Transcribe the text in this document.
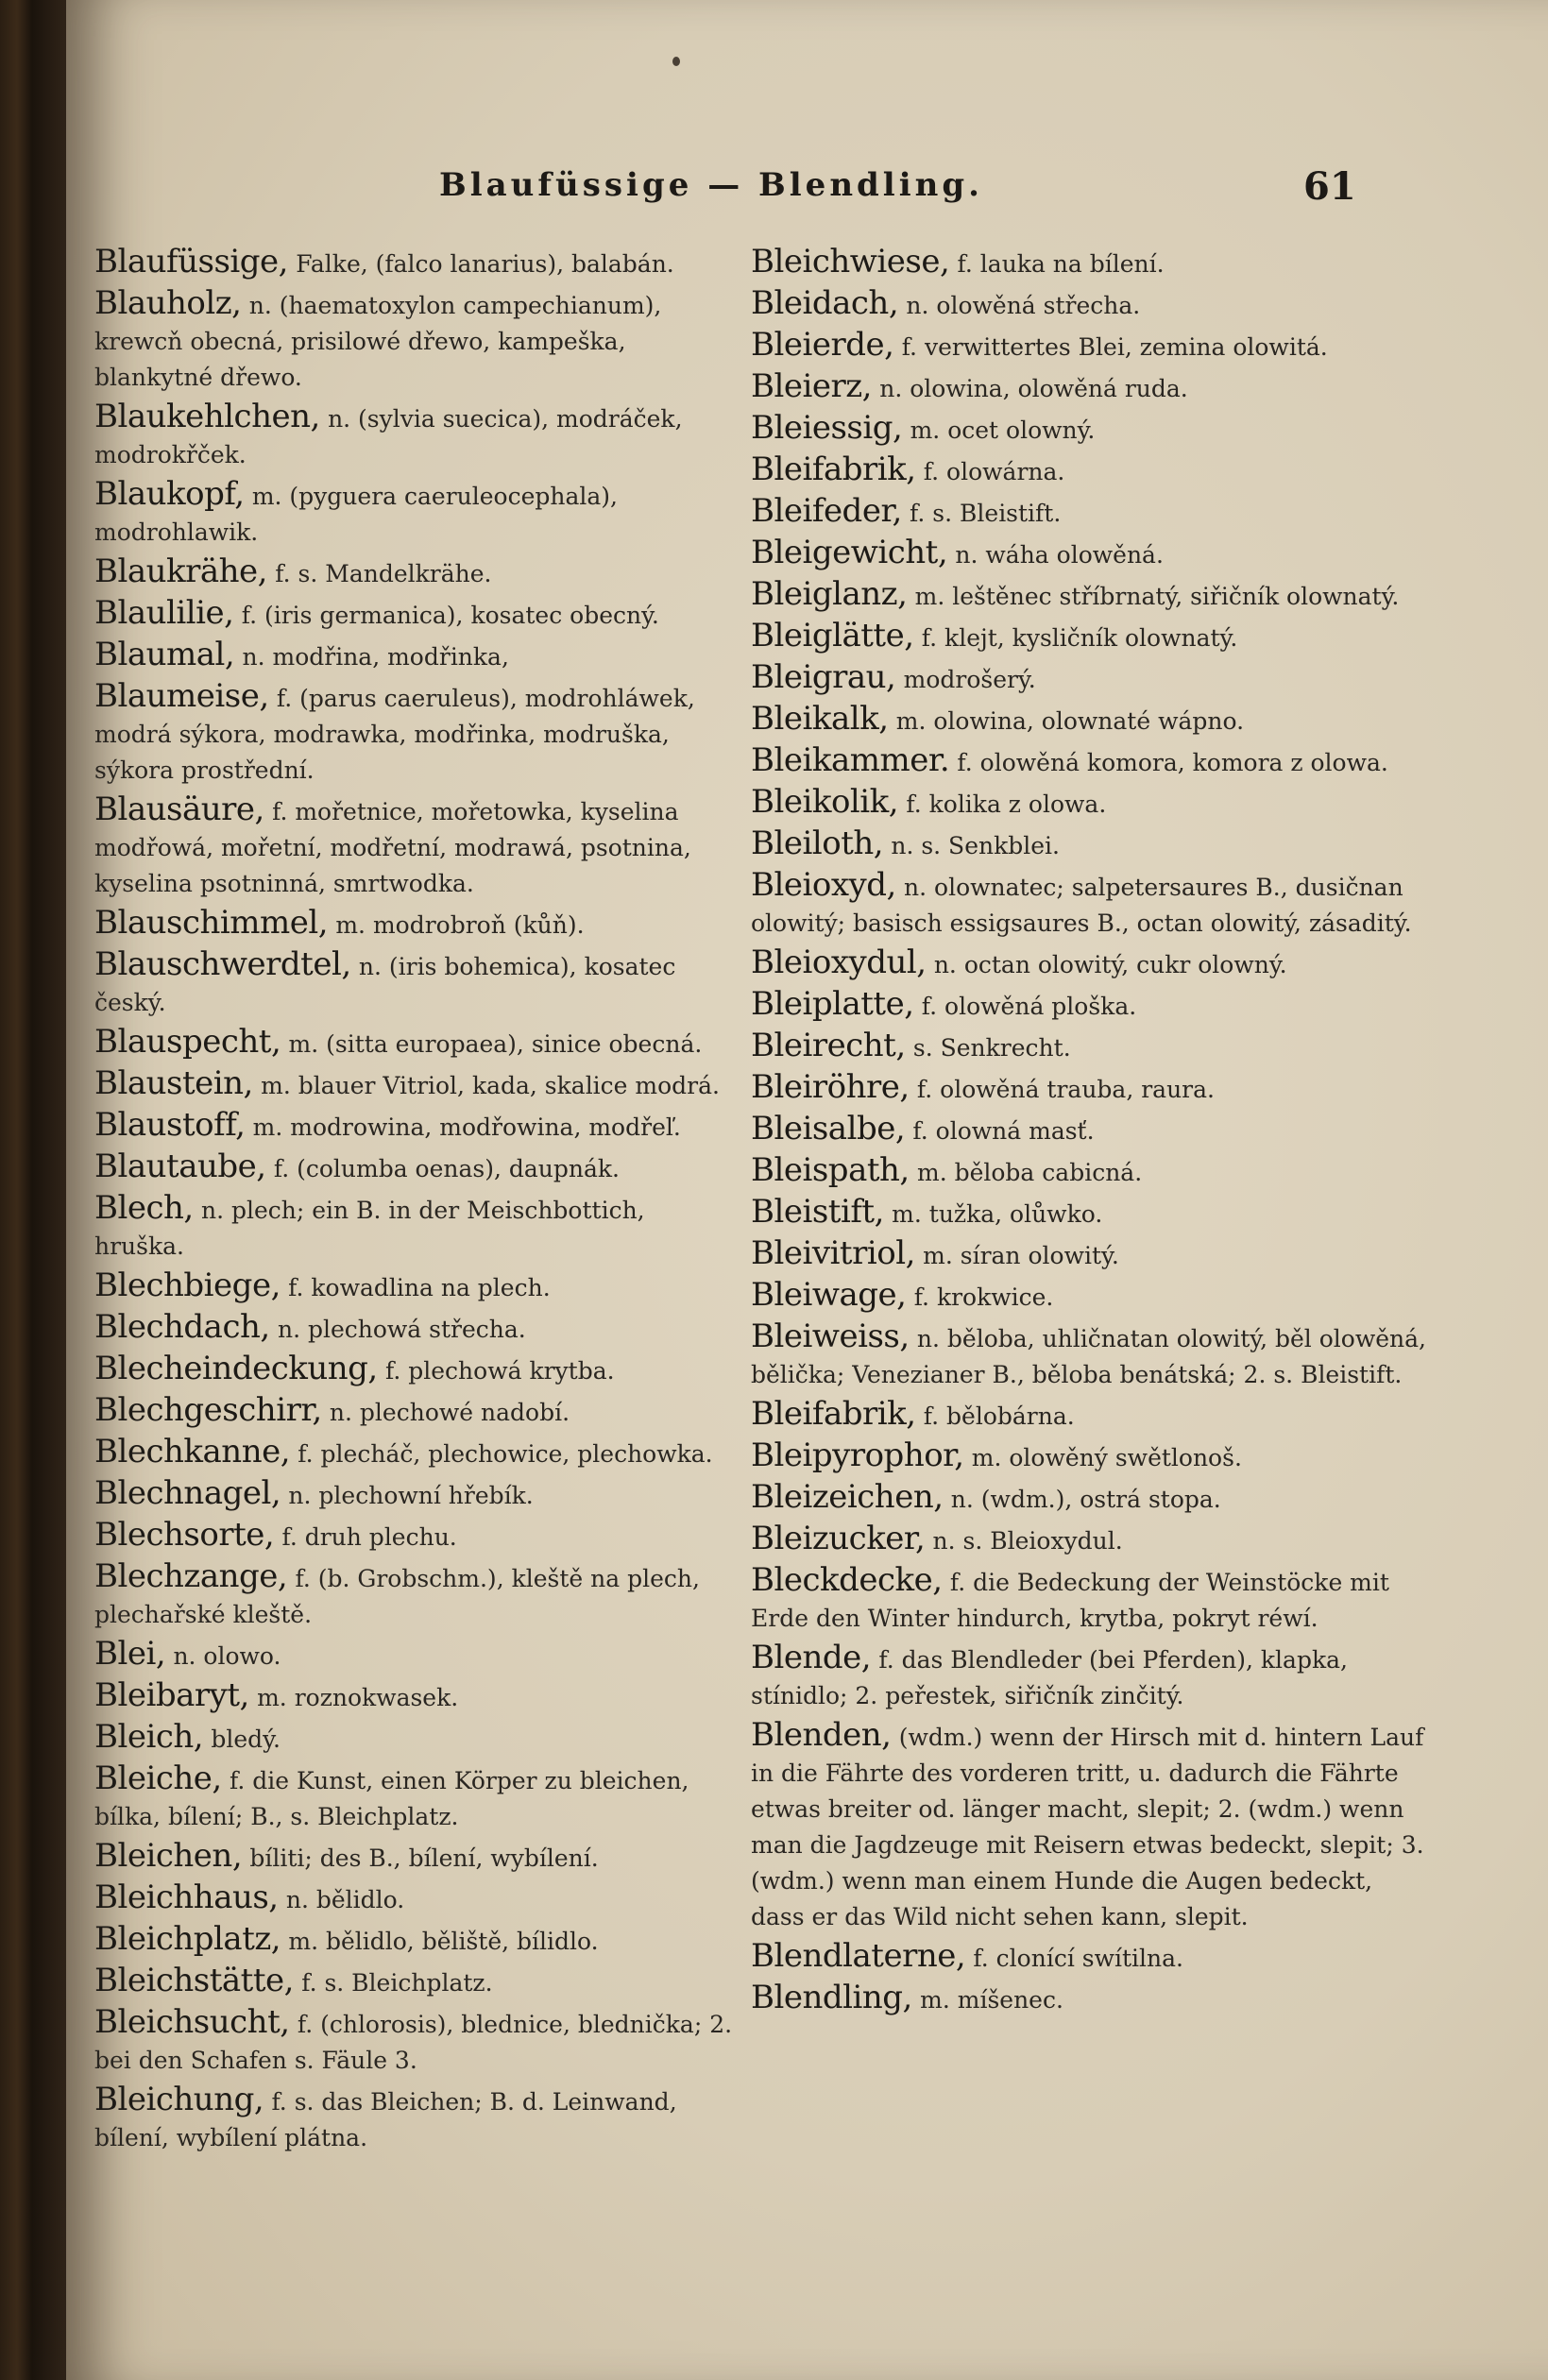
Blaufüssige — Blendling.	61
Blaufüssige, Falke, (falco lanarius), balabán.
Blauholz, n. (haematoxylon campechianum), krewcň obecná, prisilowé dřewo, kampeška, blankytné dřewo.
Blaukehlchen, n. (sylvia suecica), modráček, modrokřček.
Blaukopf, m. (pyguera caeruleocephala), modrohlawik.
Blaukrähe, f. s. Mandelkrähe.
Blaulilie, f. (iris germanica), kosatec obecný.
Blaumal, n. modřina, modřinka,
Blaumeise, f. (parus caeruleus), modrohláwek, modrá sýkora, modrawka, modřinka, modruška, sýkora prostřední.
Blausäure, f. mořetnice, mořetowka, kyselina modřowá, mořetní, modřetní, modrawá, psotnina, kyselina psotninná, smrtwodka.
Blauschimmel, m. modrobroň (kůň).
Blauschwerdtel, n. (iris bohemica), kosatec český.
Blauspecht, m. (sitta europaea), sinice obecná.
Blaustein, m. blauer Vitriol, kada, skalice modrá.
Blaustoff, m. modrowina, modřowina, modřeľ.
Blautaube, f. (columba oenas), daupnák.
Blech, n. plech; ein B. in der Meischbottich, hruška.
Blechbiege, f. kowadlina na plech.
Blechdach, n. plechowá střecha.
Blecheindeckung, f. plechowá krytba.
Blechgeschirr, n. plechowé nadobí.
Blechkanne, f. plecháč, plechowice, plechowka.
Blechnagel, n. plechowní hřebík.
Blechsorte, f. druh plechu.
Blechzange, f. (b. Grobschm.), kleště na plech, plechařské kleště.
Blei, n. olowo.
Bleibaryt, m. roznokwasek.
Bleich, bledý.
Bleiche, f. die Kunst, einen Körper zu bleichen, bílka, bílení; B., s. Bleichplatz.
Bleichen, bíliti; des B., bílení, wybílení.
Bleichhaus, n. bělidlo.
Bleichplatz, m. bělidlo, běliště, bílidlo.
Bleichstätte, f. s. Bleichplatz.
Bleichsucht, f. (chlorosis), blednice, blednička; 2. bei den Schafen s. Fäule 3.
Bleichung, f. s. das Bleichen; B. d. Leinwand, bílení, wybílení plátna.
Bleichwiese, f. lauka na bílení.
Bleidach, n. olowěná střecha.
Bleierde, f. verwittertes Blei, zemina olowitá.
Bleierz, n. olowina, olowěná ruda.
Bleiessig, m. ocet olowný.
Bleifabrik, f. olowárna.
Bleifeder, f. s. Bleistift.
Bleigewicht, n. wáha olowěná.
Bleiglanz, m. leštěnec stříbrnatý, siřičník olownatý.
Bleiglätte, f. klejt, kysličník olownatý.
Bleigrau, modrošerý.
Bleikalk, m. olowina, olownaté wápno.
Bleikammer. f. olowěná komora, komora z olowa.
Bleikolik, f. kolika z olowa.
Bleiloth, n. s. Senkblei.
Bleioxyd, n. olownatec; salpetersaures B., dusičnan olowitý; basisch essigsaures B., octan olowitý, zásaditý.
Bleioxydul, n. octan olowitý, cukr olowný.
Bleiplatte, f. olowěná ploška.
Bleirecht, s. Senkrecht.
Bleiröhre, f. olowěná trauba, raura.
Bleisalbe, f. olowná masť.
Bleispath, m. běloba cabicná.
Bleistift, m. tužka, olůwko.
Bleivitriol, m. síran olowitý.
Bleiwage, f. krokwice.
Bleiweiss, n. běloba, uhličnatan olowitý, běl olowěná, bělička; Venezianer B., běloba benátská; 2. s. Bleistift.
Bleifabrik, f. bělobárna.
Bleipyrophor, m. olowěný swětlonoš.
Bleizeichen, n. (wdm.), ostrá stopa.
Bleizucker, n. s. Bleioxydul.
Bleckdecke, f. die Bedeckung der Weinstöcke mit Erde den Winter hindurch, krytba, pokryt réwí.
Blende, f. das Blendleder (bei Pferden), klapka, stínidlo; 2. peřestek, siřičník zinčitý.
Blenden, (wdm.) wenn der Hirsch mit d. hintern Lauf in die Fährte des vorderen tritt, u. dadurch die Fährte etwas breiter od. länger macht, slepit; 2. (wdm.) wenn man die Jagdzeuge mit Reisern etwas bedeckt, slepit; 3. (wdm.) wenn man einem Hunde die Augen bedeckt, dass er das Wild nicht sehen kann, slepit.
Blendlaterne, f. clonící swítilna.
Blendling, m. míšenec.
